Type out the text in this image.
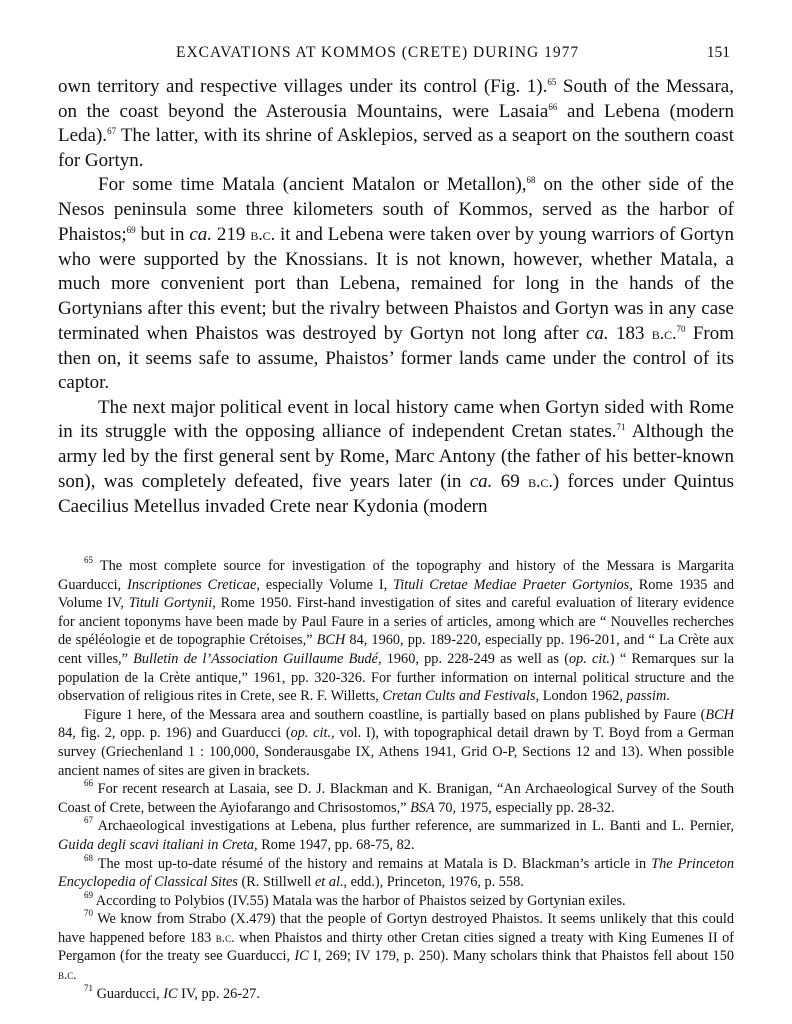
EXCAVATIONS AT KOMMOS (CRETE) DURING 1977	151

own territory and respective villages under its control (Fig. 1).$^{65}$ South of the Messara, on the coast beyond the Asterousia Mountains, were Lasaia$^{66}$ and Lebena (modern Leda).$^{67}$ The latter, with its shrine of Asklepios, served as a seaport on the southern coast for Gortyn.

For some time Matala (ancient Matalon or Metallon),$^{68}$ on the other side of the Nesos peninsula some three kilometers south of Kommos, served as the harbor of Phaistos;$^{69}$ but in ca. 219 b.c. it and Lebena were taken over by young warriors of Gortyn who were supported by the Knossians. It is not known, however, whether Matala, a much more convenient port than Lebena, remained for long in the hands of the Gortynians after this event; but the rivalry between Phaistos and Gortyn was in any case terminated when Phaistos was destroyed by Gortyn not long after ca. 183 b.c.$^{70}$ From then on, it seems safe to assume, Phaistos’ former lands came under the control of its captor.

The next major political event in local history came when Gortyn sided with Rome in its struggle with the opposing alliance of independent Cretan states.$^{71}$ Although the army led by the first general sent by Rome, Marc Antony (the father of his better-known son), was completely defeated, five years later (in ca. 69 b.c.) forces under Quintus Caecilius Metellus invaded Crete near Kydonia (modern

$^{65}$ The most complete source for investigation of the topography and history of the Messara is Margarita Guarducci, Inscriptiones Creticae, especially Volume I, Tituli Cretae Mediae Praeter Gortynios, Rome 1935 and Volume IV, Tituli Gortynii, Rome 1950. First-hand investigation of sites and careful evaluation of literary evidence for ancient toponyms have been made by Paul Faure in a series of articles, among which are “ Nouvelles recherches de spéléologie et de topographie Crétoises,” BCH 84, 1960, pp. 189-220, especially pp. 196-201, and “ La Crète aux cent villes,” Bulletin de l’Association Guillaume Budé, 1960, pp. 228-249 as well as (op. cit.) “ Remarques sur la population de la Crète antique,” 1961, pp. 320-326. For further information on internal political structure and the observation of religious rites in Crete, see R. F. Willetts, Cretan Cults and Festivals, London 1962, passim.

Figure 1 here, of the Messara area and southern coastline, is partially based on plans published by Faure (BCH 84, fig. 2, opp. p. 196) and Guarducci (op. cit., vol. I), with topographical detail drawn by T. Boyd from a German survey (Griechenland 1 : 100,000, Sonderausgabe IX, Athens 1941, Grid O-P, Sections 12 and 13). When possible ancient names of sites are given in brackets.

$^{66}$ For recent research at Lasaia, see D. J. Blackman and K. Branigan, “An Archaeological Survey of the South Coast of Crete, between the Ayiofarango and Chrisostomos,” BSA 70, 1975, especially pp. 28-32.

$^{67}$ Archaeological investigations at Lebena, plus further reference, are summarized in L. Banti and L. Pernier, Guida degli scavi italiani in Creta, Rome 1947, pp. 68-75, 82.

$^{68}$ The most up-to-date résumé of the history and remains at Matala is D. Blackman’s article in The Princeton Encyclopedia of Classical Sites (R. Stillwell et al., edd.), Princeton, 1976, p. 558.

$^{69}$ According to Polybios (IV.55) Matala was the harbor of Phaistos seized by Gortynian exiles.

$^{70}$ We know from Strabo (X.479) that the people of Gortyn destroyed Phaistos. It seems unlikely that this could have happened before 183 b.c. when Phaistos and thirty other Cretan cities signed a treaty with King Eumenes II of Pergamon (for the treaty see Guarducci, IC I, 269; IV 179, p. 250). Many scholars think that Phaistos fell about 150 b.c.

$^{71}$ Guarducci, IC IV, pp. 26-27.
